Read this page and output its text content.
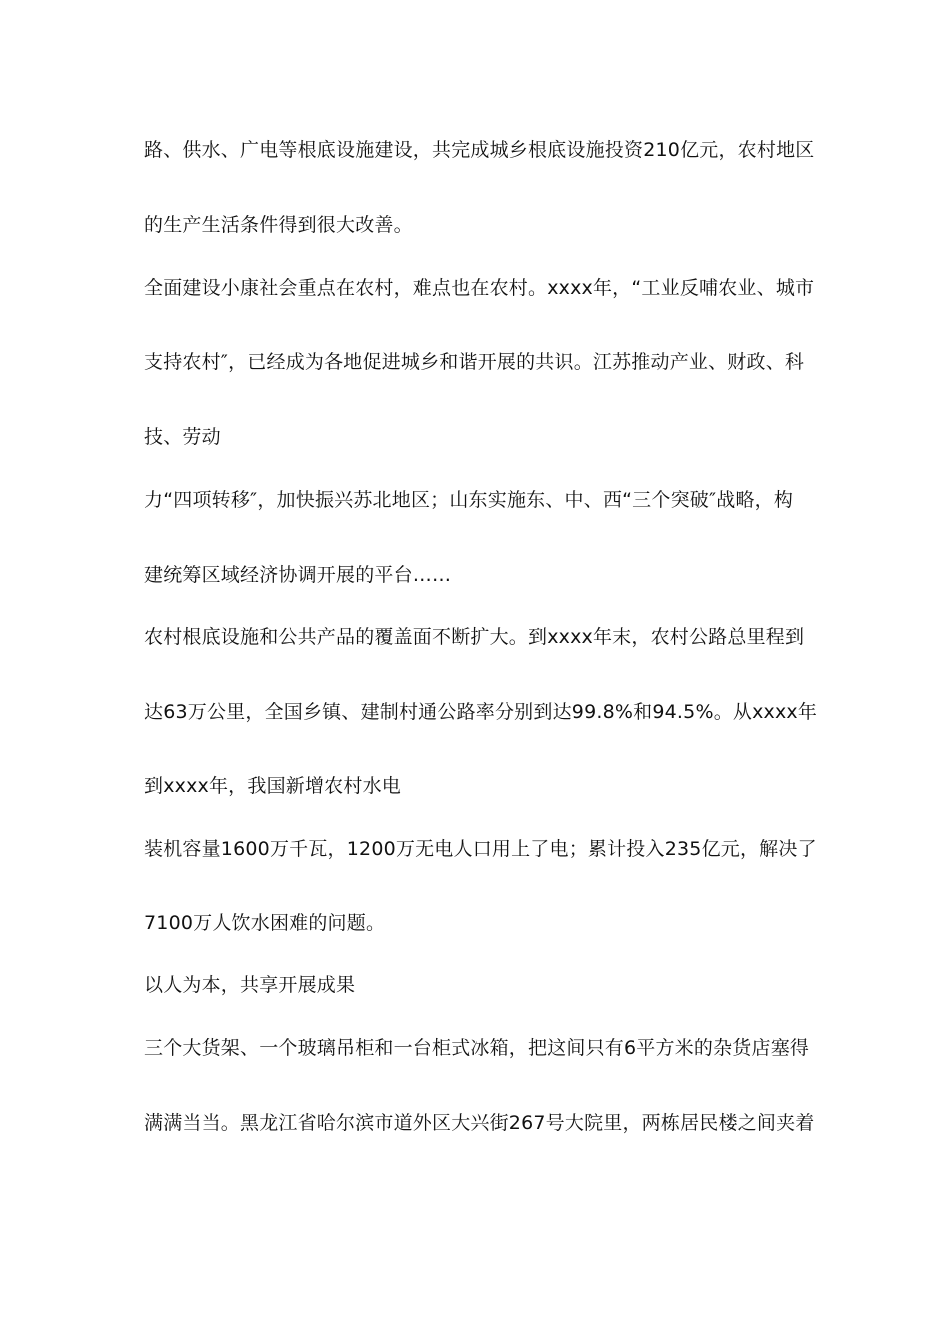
路、供水、广电等根底设施建设，共完成城乡根底设施投资210亿元，农村地区
的生产生活条件得到很大改善。
全面建设小康社会重点在农村，难点也在农村。xxxx年，“工业反哺农业、城市
支持农村″，已经成为各地促进城乡和谐开展的共识。江苏推动产业、财政、科
技、劳动
力“四项转移″，加快振兴苏北地区；山东实施东、中、西“三个突破″战略，构
建统筹区域经济协调开展的平台……
农村根底设施和公共产品的覆盖面不断扩大。到xxxx年末，农村公路总里程到
达63万公里，全国乡镇、建制村通公路率分别到达99.8%和94.5%。从xxxx年
到xxxx年，我国新增农村水电
装机容量1600万千瓦，1200万无电人口用上了电；累计投入235亿元，解决了
7100万人饮水困难的问题。
以人为本，共享开展成果
三个大货架、一个玻璃吊柜和一台柜式冰箱，把这间只有6平方米的杂货店塞得
满满当当。黑龙江省哈尔滨市道外区大兴街267号大院里，两栋居民楼之间夹着
